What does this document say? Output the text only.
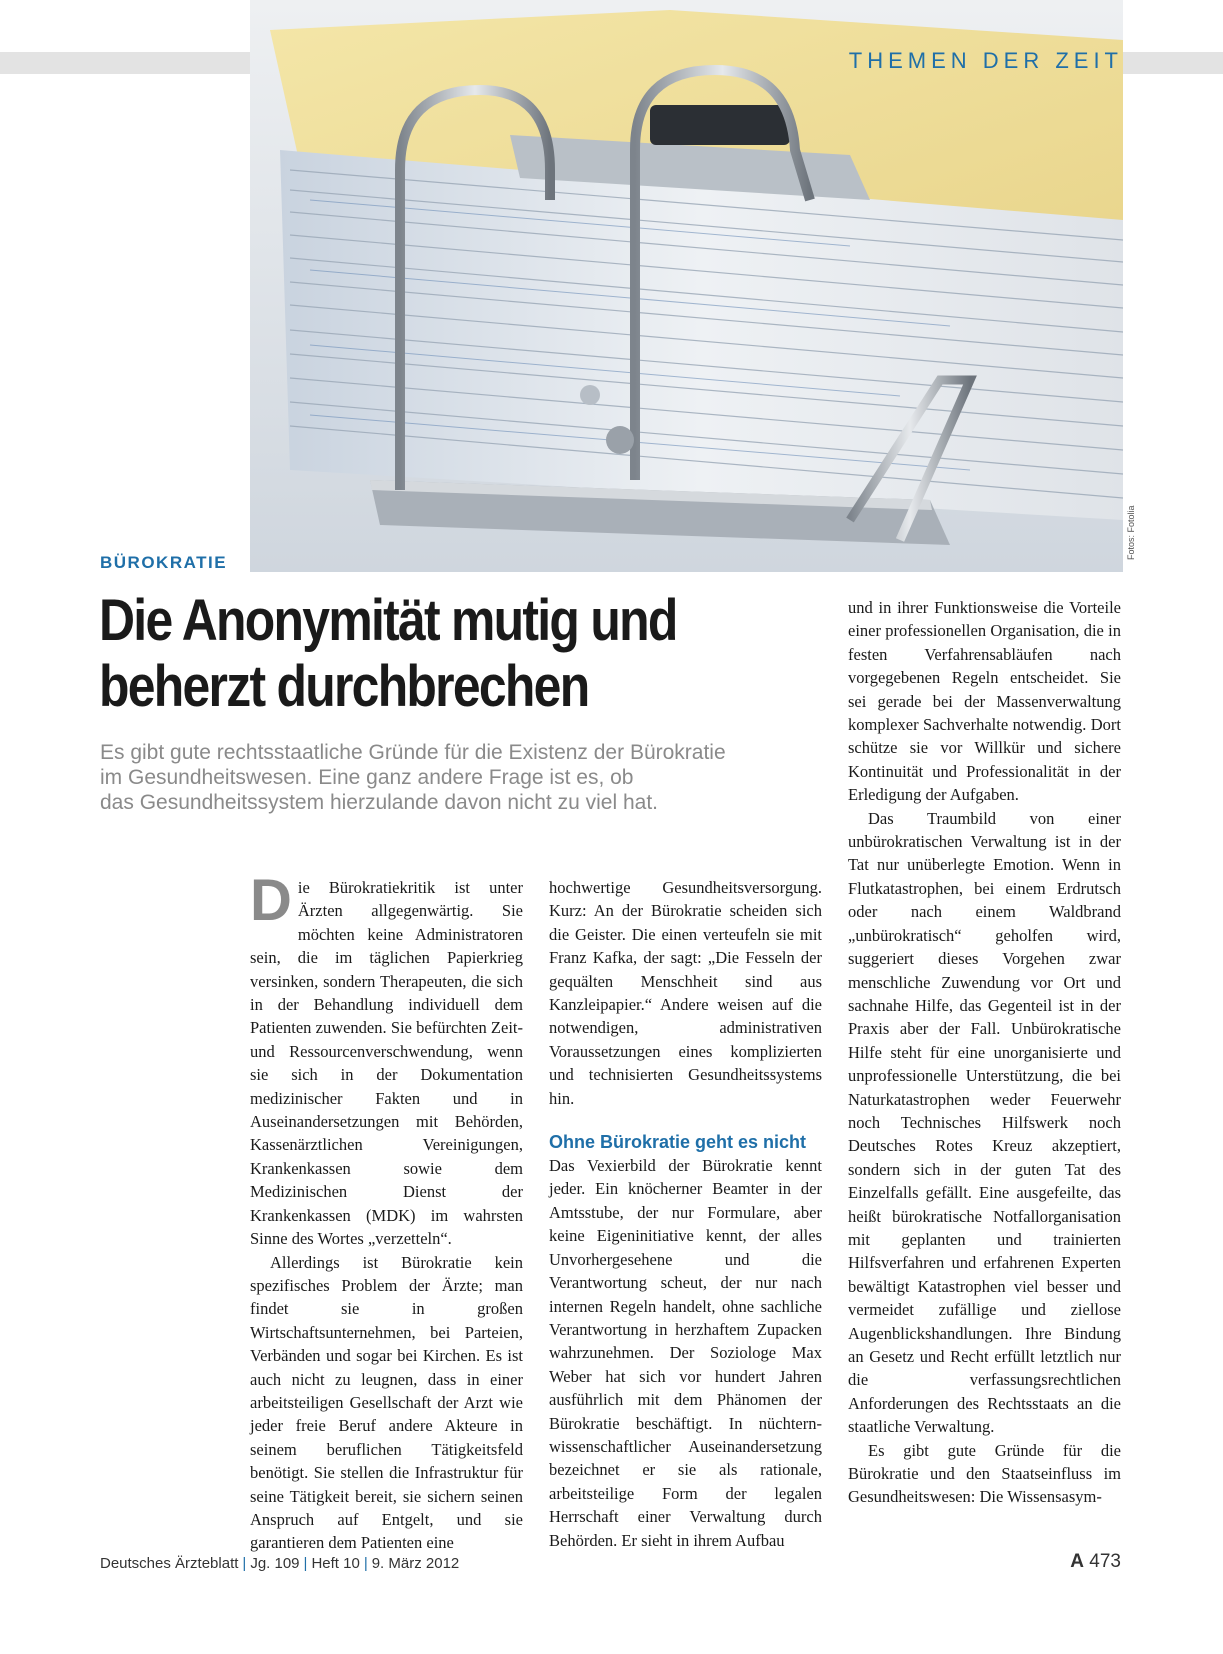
THEMEN DER ZEIT
Fotos: Fotolia
BÜROKRATIE
Die Anonymität mutig und
beherzt durchbrechen
Es gibt gute rechtsstaatliche Gründe für die Existenz der Bürokratie
im Gesundheitswesen. Eine ganz andere Frage ist es, ob
das Gesundheitssystem hierzulande davon nicht zu viel hat.

Die Bürokratiekritik ist unter Ärzten allgegenwärtig. Sie möchten keine Administratoren sein, die im täglichen Papierkrieg versinken, sondern Therapeuten, die sich in der Behandlung individuell dem Patienten zuwenden. Sie befürchten Zeit- und Ressourcenverschwendung, wenn sie sich in der Dokumentation medizinischer Fakten und in Auseinandersetzungen mit Behörden, Kassenärztlichen Vereinigungen, Krankenkassen sowie dem Medizinischen Dienst der Krankenkassen (MDK) im wahrsten Sinne des Wortes „verzetteln“.

Allerdings ist Bürokratie kein spezifisches Problem der Ärzte; man findet sie in großen Wirtschaftsunternehmen, bei Parteien, Verbänden und sogar bei Kirchen. Es ist auch nicht zu leugnen, dass in einer arbeitsteiligen Gesellschaft der Arzt wie jeder freie Beruf andere Akteure in seinem beruflichen Tätigkeitsfeld benötigt. Sie stellen die Infrastruktur für seine Tätigkeit bereit, sie sichern seinen Anspruch auf Entgelt, und sie garantieren dem Patienten eine

hochwertige Gesundheitsversorgung. Kurz: An der Bürokratie scheiden sich die Geister. Die einen verteufeln sie mit Franz Kafka, der sagt: „Die Fesseln der gequälten Menschheit sind aus Kanzleipapier.“ Andere weisen auf die notwendigen, administrativen Voraussetzungen eines komplizierten und technisierten Gesundheitssystems hin.

Ohne Bürokratie geht es nicht

Das Vexierbild der Bürokratie kennt jeder. Ein knöcherner Beamter in der Amtsstube, der nur Formulare, aber keine Eigeninitiative kennt, der alles Unvorhergesehene und die Verantwortung scheut, der nur nach internen Regeln handelt, ohne sachliche Verantwortung in herzhaftem Zupacken wahrzunehmen. Der Soziologe Max Weber hat sich vor hundert Jahren ausführlich mit dem Phänomen der Bürokratie beschäftigt. In nüchtern-wissenschaftlicher Auseinandersetzung bezeichnet er sie als rationale, arbeitsteilige Form der legalen Herrschaft einer Verwaltung durch Behörden. Er sieht in ihrem Aufbau

und in ihrer Funktionsweise die Vorteile einer professionellen Organisation, die in festen Verfahrensabläufen nach vorgegebenen Regeln entscheidet. Sie sei gerade bei der Massenverwaltung komplexer Sachverhalte notwendig. Dort schütze sie vor Willkür und sichere Kontinuität und Professionalität in der Erledigung der Aufgaben.

Das Traumbild von einer unbürokratischen Verwaltung ist in der Tat nur unüberlegte Emotion. Wenn in Flutkatastrophen, bei einem Erdrutsch oder nach einem Waldbrand „unbürokratisch“ geholfen wird, suggeriert dieses Vorgehen zwar menschliche Zuwendung vor Ort und sachnahe Hilfe, das Gegenteil ist in der Praxis aber der Fall. Unbürokratische Hilfe steht für eine unorganisierte und unprofessionelle Unterstützung, die bei Naturkatastrophen weder Feuerwehr noch Technisches Hilfswerk noch Deutsches Rotes Kreuz akzeptiert, sondern sich in der guten Tat des Einzelfalls gefällt. Eine ausgefeilte, das heißt bürokratische Notfallorganisation mit geplanten und trainierten Hilfsverfahren und erfahrenen Experten bewältigt Katastrophen viel besser und vermeidet zufällige und ziellose Augenblickshandlungen. Ihre Bindung an Gesetz und Recht erfüllt letztlich nur die verfassungsrechtlichen Anforderungen des Rechtsstaats an die staatliche Verwaltung.

Es gibt gute Gründe für die Bürokratie und den Staatseinfluss im Gesundheitswesen: Die Wissensasym-

Deutsches Ärzteblatt | Jg. 109 | Heft 10 | 9. März 2012	A 473
